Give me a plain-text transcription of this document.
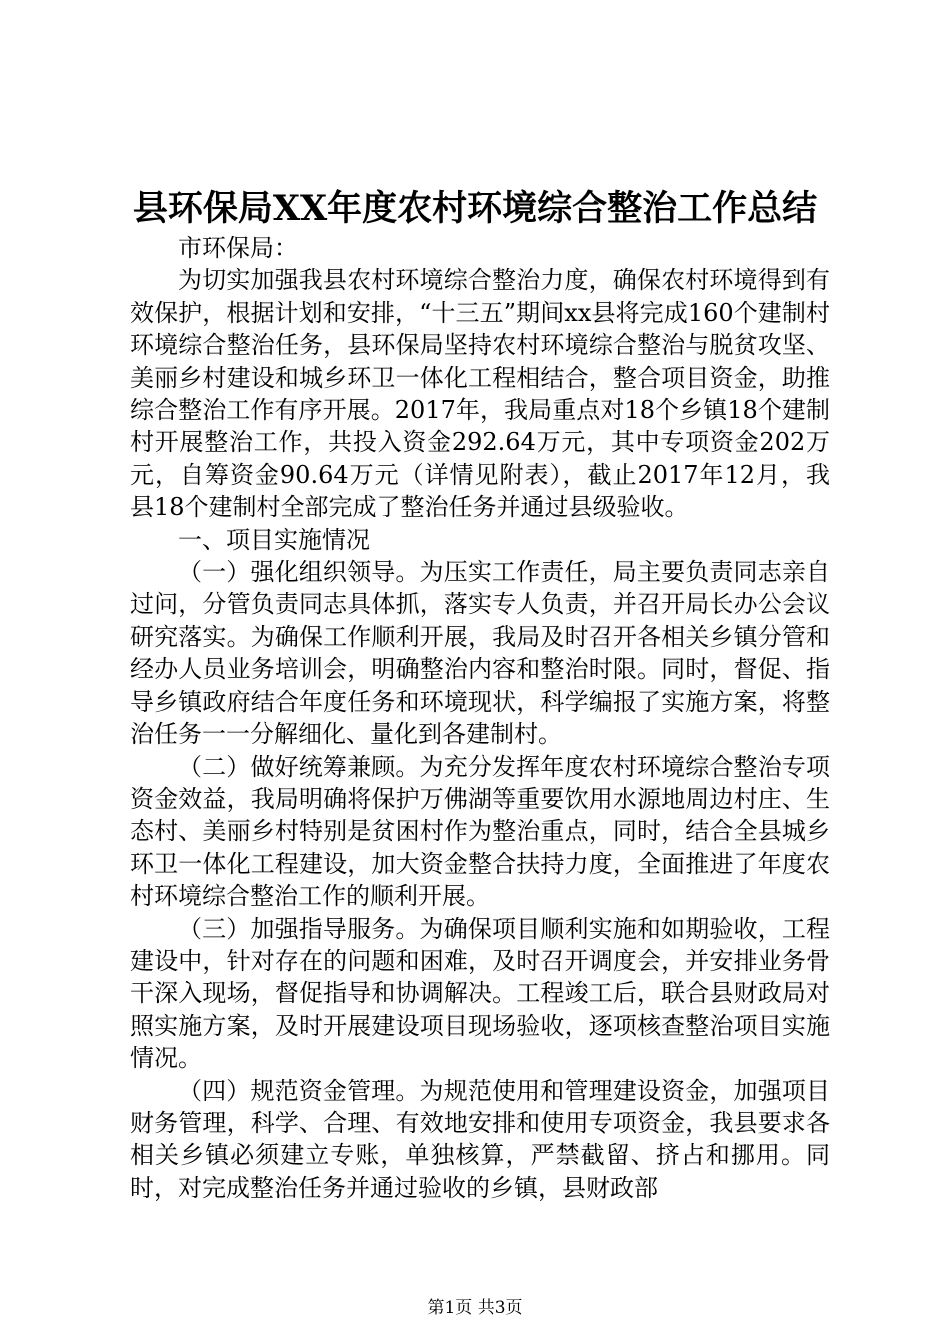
县环保局XX年度农村环境综合整治工作总结

市环保局：

为切实加强我县农村环境综合整治力度，确保农村环境得到有效保护，根据计划和安排，“十三五”期间xx县将完成160个建制村环境综合整治任务，县环保局坚持农村环境综合整治与脱贫攻坚、美丽乡村建设和城乡环卫一体化工程相结合，整合项目资金，助推综合整治工作有序开展。2017年，我局重点对18个乡镇18个建制村开展整治工作，共投入资金292.64万元，其中专项资金202万元，自筹资金90.64万元（详情见附表），截止2017年12月，我县18个建制村全部完成了整治任务并通过县级验收。

一、项目实施情况

（一）强化组织领导。为压实工作责任，局主要负责同志亲自过问，分管负责同志具体抓，落实专人负责，并召开局长办公会议研究落实。为确保工作顺利开展，我局及时召开各相关乡镇分管和经办人员业务培训会，明确整治内容和整治时限。同时，督促、指导乡镇政府结合年度任务和环境现状，科学编报了实施方案，将整治任务一一分解细化、量化到各建制村。

（二）做好统筹兼顾。为充分发挥年度农村环境综合整治专项资金效益，我局明确将保护万佛湖等重要饮用水源地周边村庄、生态村、美丽乡村特别是贫困村作为整治重点，同时，结合全县城乡环卫一体化工程建设，加大资金整合扶持力度，全面推进了年度农村环境综合整治工作的顺利开展。

（三）加强指导服务。为确保项目顺利实施和如期验收，工程建设中，针对存在的问题和困难，及时召开调度会，并安排业务骨干深入现场，督促指导和协调解决。工程竣工后，联合县财政局对照实施方案，及时开展建设项目现场验收，逐项核查整治项目实施情况。

（四）规范资金管理。为规范使用和管理建设资金，加强项目财务管理，科学、合理、有效地安排和使用专项资金，我县要求各相关乡镇必须建立专账，单独核算，严禁截留、挤占和挪用。同时，对完成整治任务并通过验收的乡镇，县财政部

第1页 共3页
